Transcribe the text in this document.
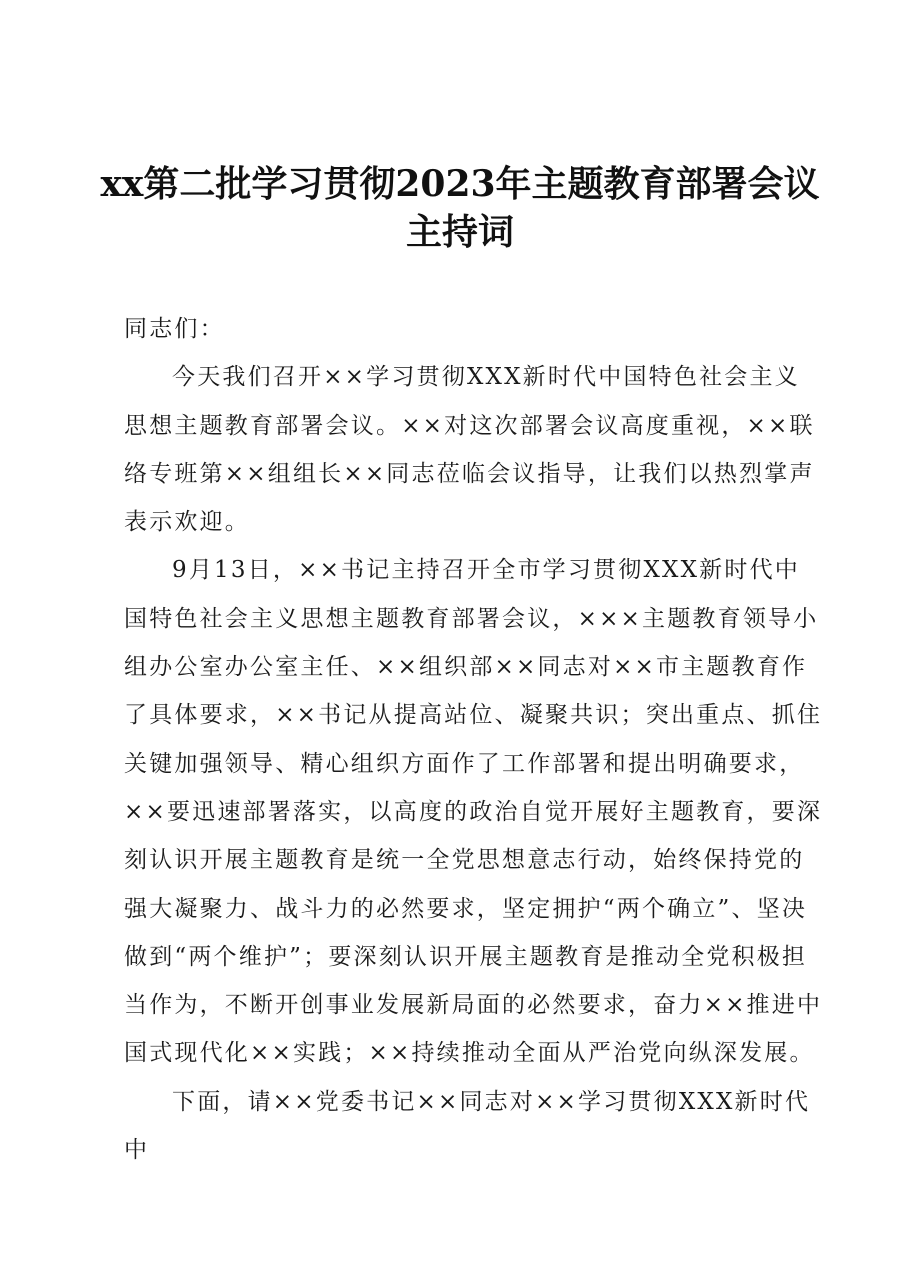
xx第二批学习贯彻2023年主题教育部署会议主持词

同志们：

今天我们召开××学习贯彻XXX新时代中国特色社会主义思想主题教育部署会议。××对这次部署会议高度重视，××联络专班第××组组长××同志莅临会议指导，让我们以热烈掌声表示欢迎。

9月13日，××书记主持召开全市学习贯彻XXX新时代中国特色社会主义思想主题教育部署会议，×××主题教育领导小组办公室办公室主任、××组织部××同志对××市主题教育作了具体要求，××书记从提高站位、凝聚共识；突出重点、抓住关键加强领导、精心组织方面作了工作部署和提出明确要求，××要迅速部署落实，以高度的政治自觉开展好主题教育，要深刻认识开展主题教育是统一全党思想意志行动，始终保持党的强大凝聚力、战斗力的必然要求，坚定拥护“两个确立”、坚决做到“两个维护”；要深刻认识开展主题教育是推动全党积极担当作为，不断开创事业发展新局面的必然要求，奋力××推进中国式现代化××实践；××持续推动全面从严治党向纵深发展。

下面，请××党委书记××同志对××学习贯彻XXX新时代中
